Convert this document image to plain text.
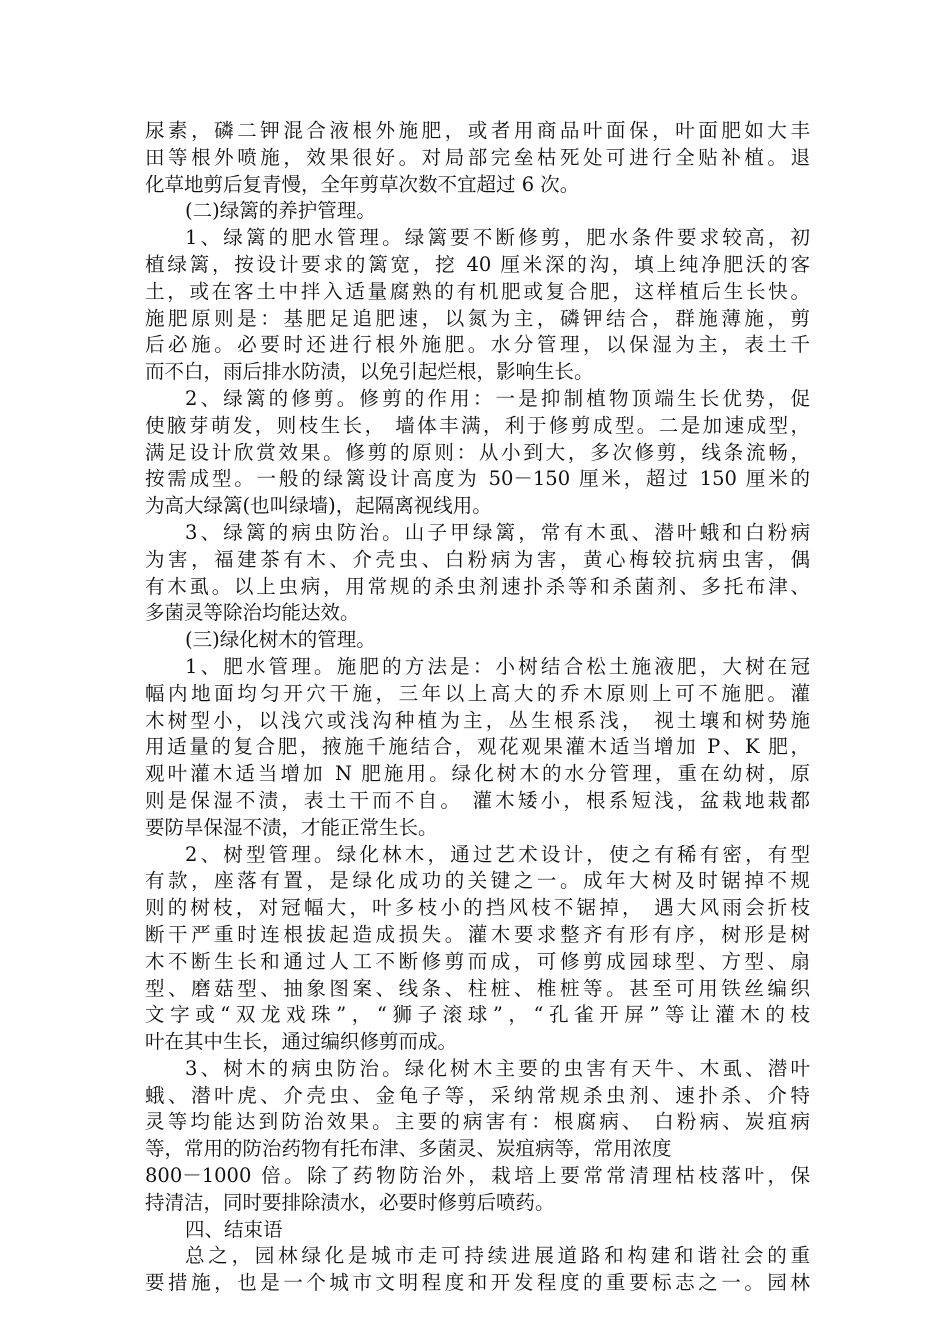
尿素，磷二钾混合液根外施肥，或者用商品叶面保，叶面肥如大丰
田等根外喷施，效果很好。对局部完垒枯死处可进行全贴补植。退
化草地剪后复青慢，全年剪草次数不宜超过 6 次。
(二)绿篱的养护管理。
1、绿篱的肥水管理。绿篱要不断修剪，肥水条件要求较高，初
植绿篱，按设计要求的篱宽，挖 40 厘米深的沟，填上纯净肥沃的客
土，或在客土中拌入适量腐熟的有机肥或复合肥，这样植后生长快。
施肥原则是：基肥足追肥速，以氮为主，磷钾结合，群施薄施，剪
后必施。必要时还进行根外施肥。水分管理，以保湿为主，表土千
而不白，雨后排水防渍，以免引起烂根，影响生长。
2、绿篱的修剪。修剪的作用：一是抑制植物顶端生长优势，促
使腋芽萌发，则枝生长， 墙体丰满，利于修剪成型。二是加速成型，
满足设计欣赏效果。修剪的原则：从小到大，多次修剪，线条流畅，
按需成型。一般的绿篱设计高度为 50－150 厘米，超过 150 厘米的
为高大绿篱(也叫绿墙)，起隔离视线用。
3、绿篱的病虫防治。山子甲绿篱，常有木虱、潜叶蛾和白粉病
为害，福建茶有木、介壳虫、白粉病为害，黄心梅较抗病虫害，偶
有木虱。以上虫病，用常规的杀虫剂速扑杀等和杀菌剂、多托布津、
多菌灵等除治均能达效。
(三)绿化树木的管理。
1、肥水管理。施肥的方法是：小树结合松土施液肥，大树在冠
幅内地面均匀开穴干施，三年以上高大的乔木原则上可不施肥。灌
木树型小，以浅穴或浅沟种植为主，丛生根系浅， 视土壤和树势施
用适量的复合肥，掖施千施结合，观花观果灌木适当增加 P、K 肥，
观叶灌木适当增加 N 肥施用。绿化树木的水分管理，重在幼树，原
则是保湿不渍，表土干而不自。 灌木矮小，根系短浅，盆栽地栽都
要防旱保湿不渍，才能正常生长。
2、树型管理。绿化林木，通过艺术设计，使之有稀有密，有型
有款，座落有置，是绿化成功的关键之一。成年大树及时锯掉不规
则的树枝，对冠幅大，叶多枝小的挡风枝不锯掉， 遇大风雨会折枝
断干严重时连根拔起造成损失。灌木要求整齐有形有序，树形是树
木不断生长和通过人工不断修剪而成，可修剪成园球型、方型、扇
型、磨菇型、抽象图案、线条、柱桩、椎桩等。甚至可用铁丝编织
文字或“双龙戏珠”，“狮子滚球”，“孔雀开屏”等让灌木的枝
叶在其中生长，通过编织修剪而成。
3、树木的病虫防治。绿化树木主要的虫害有天牛、木虱、潜叶
蛾、潜叶虎、介壳虫、金龟子等，采纳常规杀虫剂、速扑杀、介特
灵等均能达到防治效果。主要的病害有：根腐病、 白粉病、炭疽病
等，常用的防治药物有托布津、多菌灵、炭疽病等，常用浓度
800－1000 倍。除了药物防治外，栽培上要常常清理枯枝落叶，保
持清洁，同时要排除渍水，必要时修剪后喷药。
四、结束语
总之，园林绿化是城市走可持续进展道路和构建和谐社会的重
要措施，也是一个城市文明程度和开发程度的重要标志之一。园林
